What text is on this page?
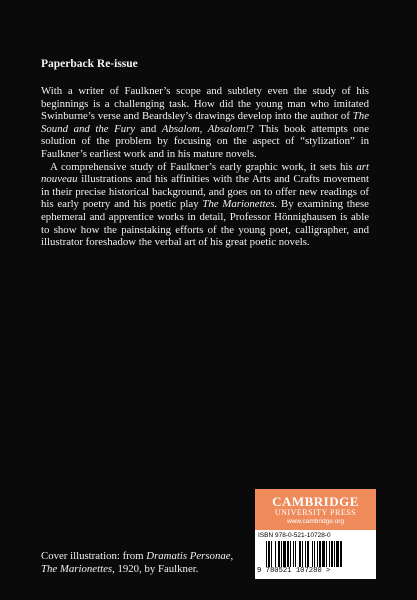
Paperback Re-issue

With a writer of Faulkner’s scope and subtlety even the study of his beginnings is a challenging task. How did the young man who imitated Swinburne’s verse and Beardsley’s drawings develop into the author of The Sound and the Fury and Absalom, Absalom!? This book attempts one solution of the problem by focusing on the aspect of “stylization” in Faulkner’s earliest work and in his mature novels.

A comprehensive study of Faulkner’s early graphic work, it sets his art nouveau illustrations and his affinities with the Arts and Crafts movement in their precise historical background, and goes on to offer new readings of his early poetry and his poetic play The Marionettes. By examining these ephemeral and apprentice works in detail, Professor Hönnighausen is able to show how the painstaking efforts of the young poet, calligrapher, and illustrator foreshadow the verbal art of his great poetic novels.

CAMBRIDGE
UNIVERSITY PRESS
www.cambridge.org
ISBN 978-0-521-10728-0
9 780521 107280 >
Cover illustration: from Dramatis Personae, The Marionettes, 1920, by Faulkner.
